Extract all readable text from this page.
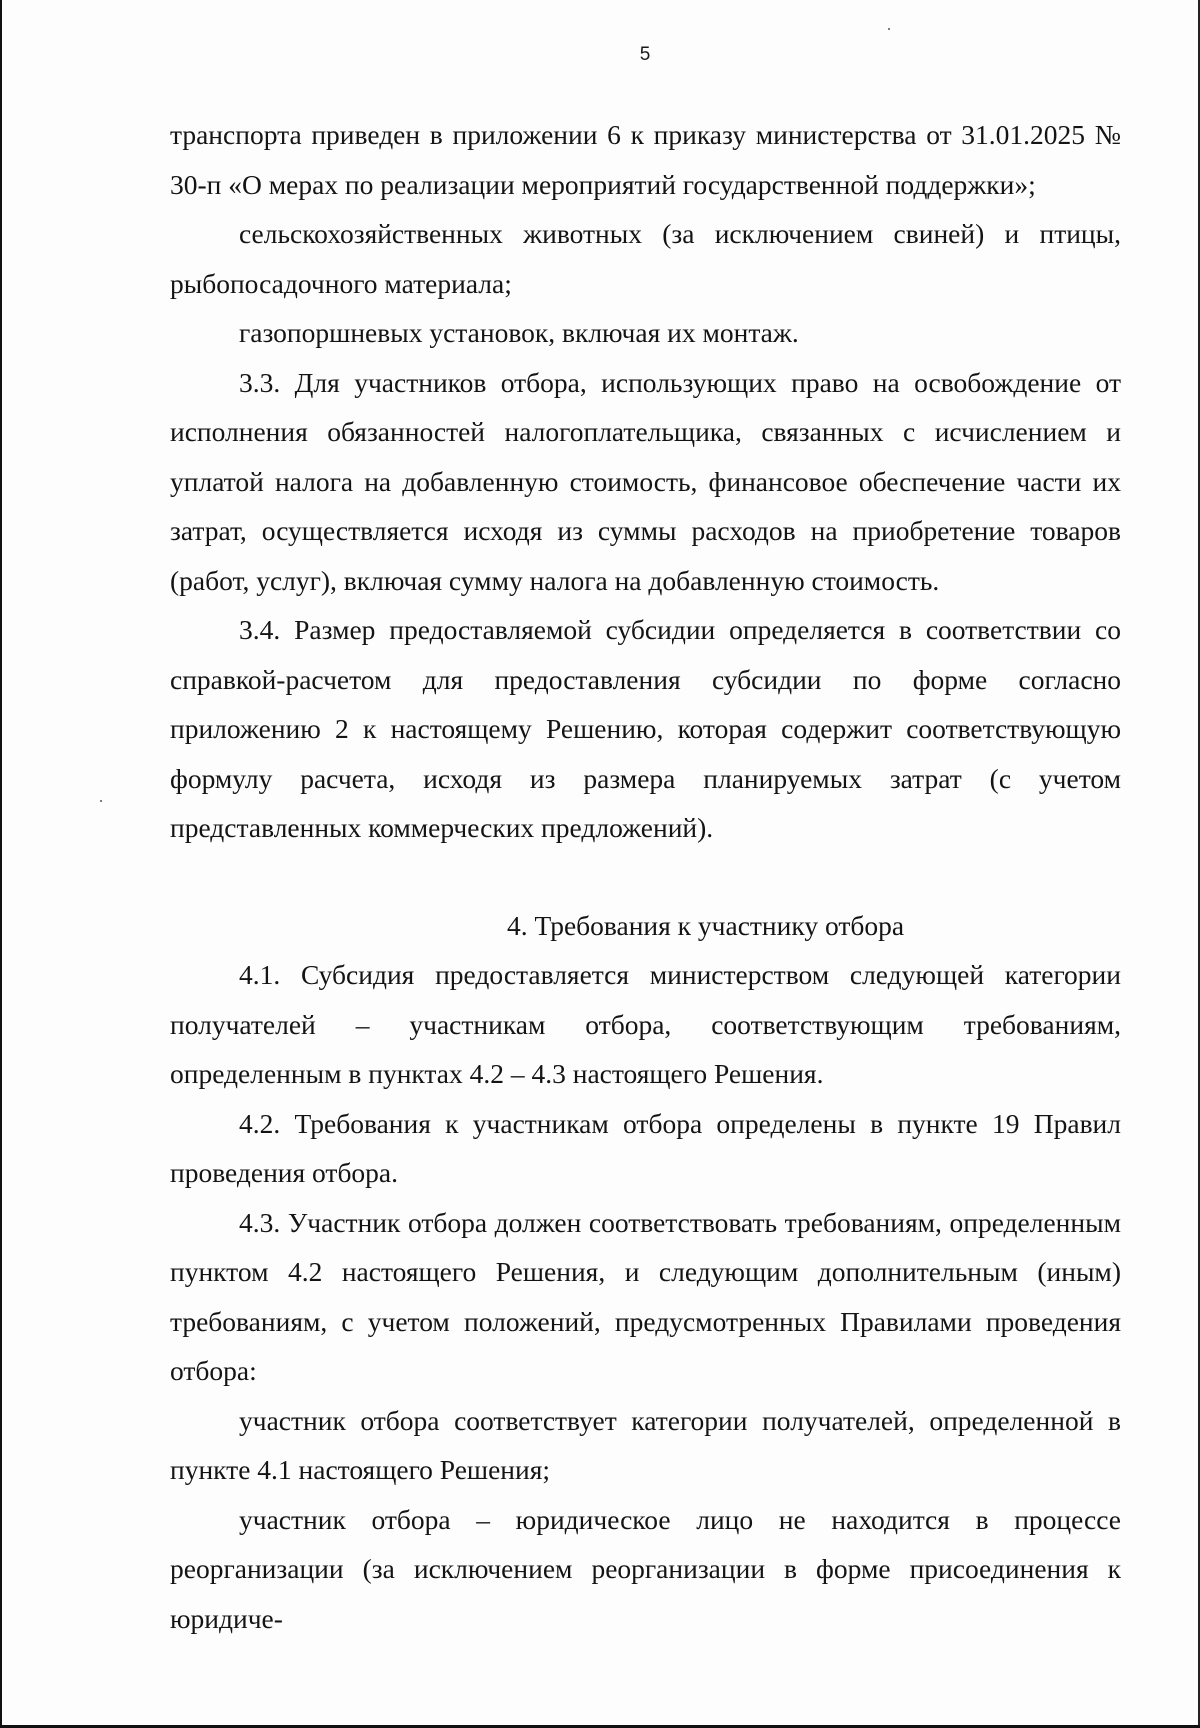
5

транспорта приведен в приложении 6 к приказу министерства от 31.01.2025 № 30-п «О мерах по реализации мероприятий государственной поддержки»;

сельскохозяйственных животных (за исключением свиней) и птицы, рыбопосадочного материала;

газопоршневых установок, включая их монтаж.

3.3. Для участников отбора, использующих право на освобождение от исполнения обязанностей налогоплательщика, связанных с исчислением и уплатой налога на добавленную стоимость, финансовое обеспечение части их затрат, осуществляется исходя из суммы расходов на приобретение товаров (работ, услуг), включая сумму налога на добавленную стоимость.

3.4. Размер предоставляемой субсидии определяется в соответствии со справкой-расчетом для предоставления субсидии по форме согласно приложению 2 к настоящему Решению, которая содержит соответствующую формулу расчета, исходя из размера планируемых затрат (с учетом представленных коммерческих предложений).

4. Требования к участнику отбора

4.1. Субсидия предоставляется министерством следующей категории получателей – участникам отбора, соответствующим требованиям, определенным в пунктах 4.2 – 4.3 настоящего Решения.

4.2. Требования к участникам отбора определены в пункте 19 Правил проведения отбора.

4.3. Участник отбора должен соответствовать требованиям, определенным пунктом 4.2 настоящего Решения, и следующим дополнительным (иным) требованиям, с учетом положений, предусмотренных Правилами проведения отбора:

участник отбора соответствует категории получателей, определенной в пункте 4.1 настоящего Решения;

участник отбора – юридическое лицо не находится в процессе реорганизации (за исключением реорганизации в форме присоединения к юридиче-
